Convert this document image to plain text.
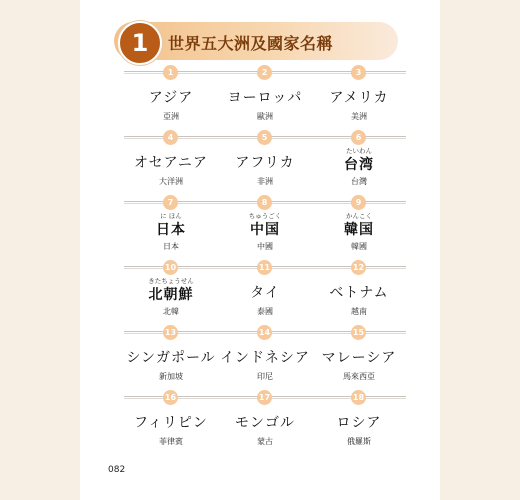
1	世界五大洲及國家名稱
1
アジア
亞洲
2
ヨーロッパ
歐洲
3
アメリカ
美洲
4
オセアニア
大洋洲
5
アフリカ
非洲
6
たいわん
台湾
台灣
7
に ほん
日本
日本
8
ちゅうごく
中国
中國
9
かんこく
韓国
韓國
10
きたちょうせん
北朝鮮
北韓
11
タイ
泰國
12
ベトナム
越南
13
シンガポール
新加坡
14
インドネシア
印尼
15
マレーシア
馬來西亞
16
フィリピン
菲律賓
17
モンゴル
蒙古
18
ロシア
俄羅斯
082
